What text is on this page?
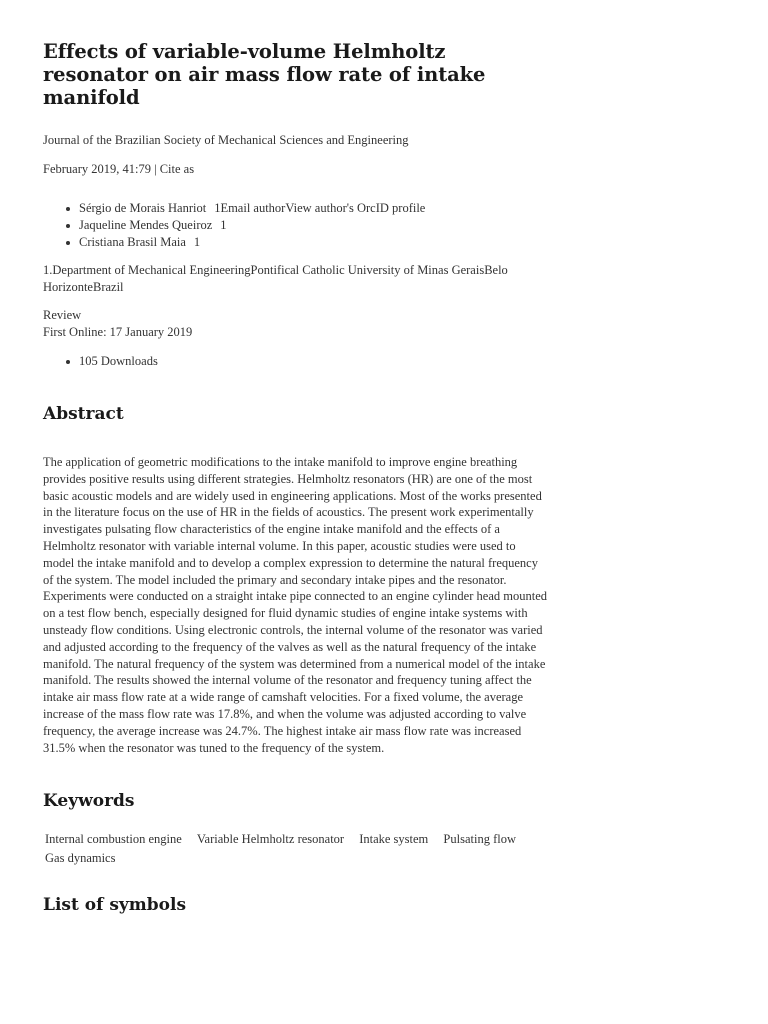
Effects of variable-volume Helmholtz resonator on air mass flow rate of intake manifold

Journal of the Brazilian Society of Mechanical Sciences and Engineering

February 2019, 41:79 | Cite as

Sérgio de Morais Hanriot 1Email authorView author's OrcID profile
Jaqueline Mendes Queiroz 1
Cristiana Brasil Maia 1

1.Department of Mechanical EngineeringPontifical Catholic University of Minas GeraisBelo HorizonteBrazil

Review

First Online: 17 January 2019

105 Downloads
Abstract

The application of geometric modifications to the intake manifold to improve engine breathing provides positive results using different strategies. Helmholtz resonators (HR) are one of the most basic acoustic models and are widely used in engineering applications. Most of the works presented in the literature focus on the use of HR in the fields of acoustics. The present work experimentally investigates pulsating flow characteristics of the engine intake manifold and the effects of a Helmholtz resonator with variable internal volume. In this paper, acoustic studies were used to model the intake manifold and to develop a complex expression to determine the natural frequency of the system. The model included the primary and secondary intake pipes and the resonator. Experiments were conducted on a straight intake pipe connected to an engine cylinder head mounted on a test flow bench, especially designed for fluid dynamic studies of engine intake systems with unsteady flow conditions. Using electronic controls, the internal volume of the resonator was varied and adjusted according to the frequency of the valves as well as the natural frequency of the intake manifold. The natural frequency of the system was determined from a numerical model of the intake manifold. The results showed the internal volume of the resonator and frequency tuning affect the intake air mass flow rate at a wide range of camshaft velocities. For a fixed volume, the average increase of the mass flow rate was 17.8%, and when the volume was adjusted according to valve frequency, the average increase was 24.7%. The highest intake air mass flow rate was increased 31.5% when the resonator was tuned to the frequency of the system.

Keywords
Internal combustion engine Variable Helmholtz resonator Intake system Pulsating flow Gas dynamics
List of symbols
